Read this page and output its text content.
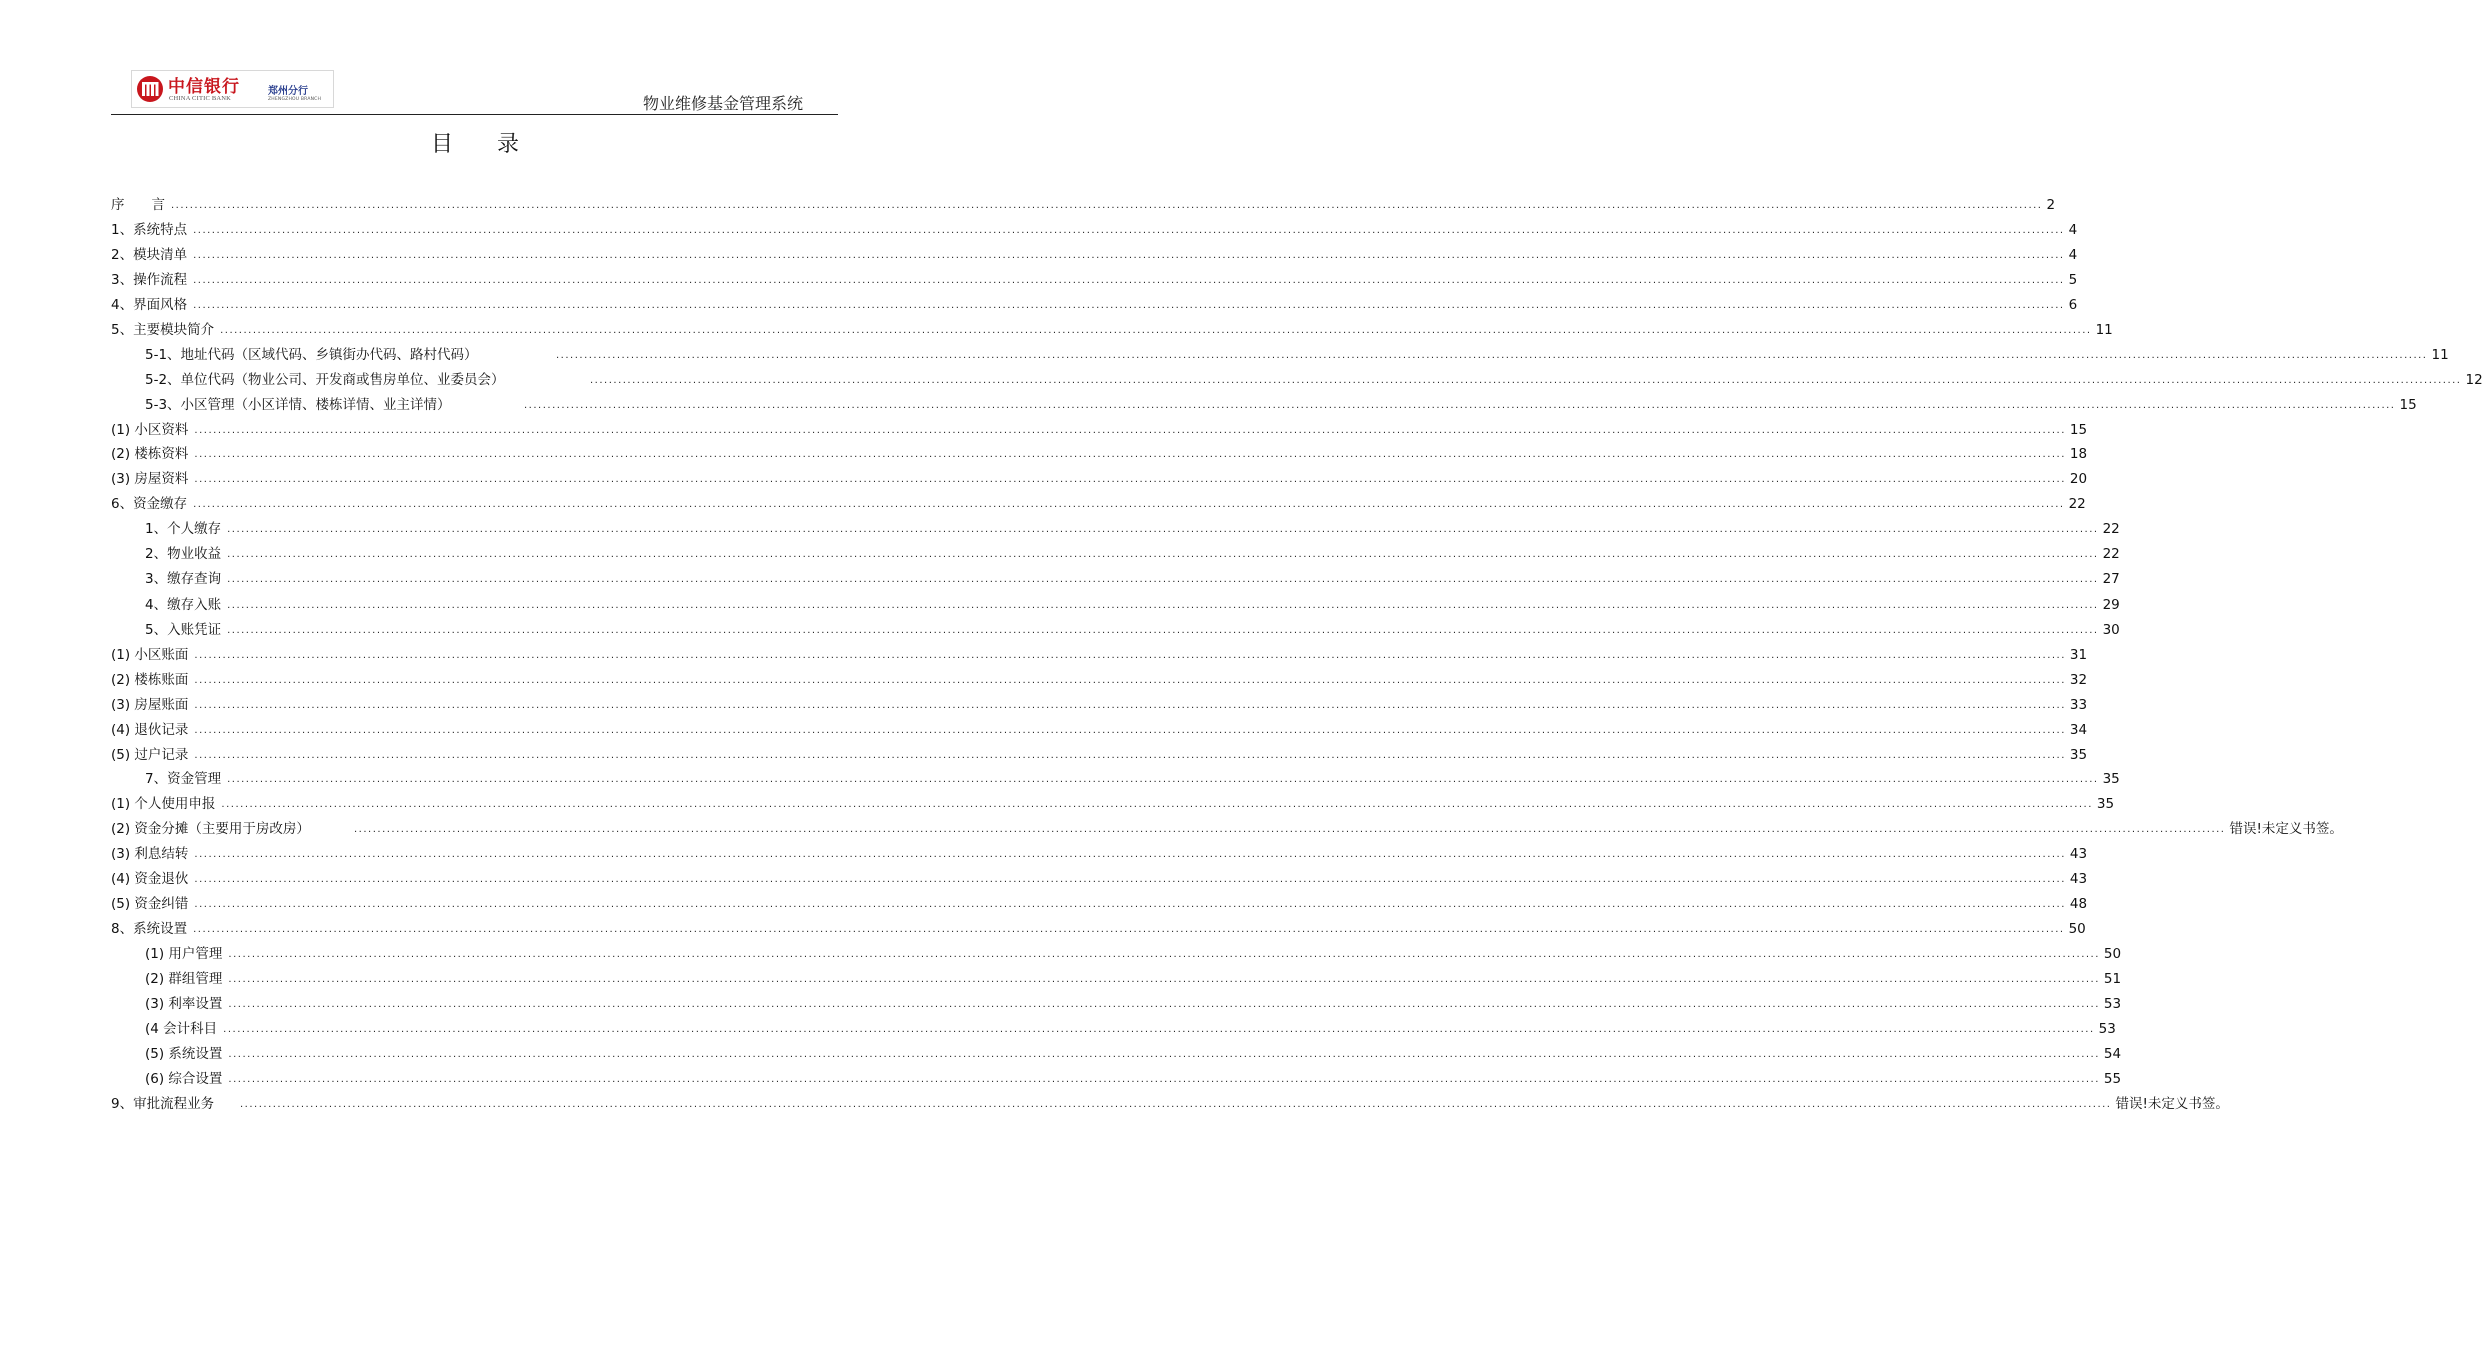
中信银行
CHINA CITIC BANK
郑州分行
ZHENGZHOU BRANCH	物业维修基金管理系统
目录
序　　言 ................................................................................................................................................................................................................................................................................................................................................................................................................ 2
1、系统特点 ................................................................................................................................................................................................................................................................................................................................................................................................................ 4
2、模块清单 ................................................................................................................................................................................................................................................................................................................................................................................................................ 4
3、操作流程 ................................................................................................................................................................................................................................................................................................................................................................................................................ 5
4、界面风格 ................................................................................................................................................................................................................................................................................................................................................................................................................ 6
5、主要模块简介 ................................................................................................................................................................................................................................................................................................................................................................................................................ 11
5-1、地址代码（区域代码、乡镇街办代码、路村代码）	................................................................................................................................................................................................................................................................................................................................................................................................................ 11
5-2、单位代码（物业公司、开发商或售房单位、业委员会）	................................................................................................................................................................................................................................................................................................................................................................................................................ 12
5-3、小区管理（小区详情、楼栋详情、业主详情）	................................................................................................................................................................................................................................................................................................................................................................................................................ 15
(1) 小区资料 ................................................................................................................................................................................................................................................................................................................................................................................................................ 15
(2) 楼栋资料 ................................................................................................................................................................................................................................................................................................................................................................................................................ 18
(3) 房屋资料 ................................................................................................................................................................................................................................................................................................................................................................................................................ 20
6、资金缴存 ................................................................................................................................................................................................................................................................................................................................................................................................................ 22
1、个人缴存 ................................................................................................................................................................................................................................................................................................................................................................................................................ 22
2、物业收益 ................................................................................................................................................................................................................................................................................................................................................................................................................ 22
3、缴存查询 ................................................................................................................................................................................................................................................................................................................................................................................................................ 27
4、缴存入账 ................................................................................................................................................................................................................................................................................................................................................................................................................ 29
5、入账凭证 ................................................................................................................................................................................................................................................................................................................................................................................................................ 30
(1) 小区账面 ................................................................................................................................................................................................................................................................................................................................................................................................................ 31
(2) 楼栋账面 ................................................................................................................................................................................................................................................................................................................................................................................................................ 32
(3) 房屋账面 ................................................................................................................................................................................................................................................................................................................................................................................................................ 33
(4) 退伙记录 ................................................................................................................................................................................................................................................................................................................................................................................................................ 34
(5) 过户记录 ................................................................................................................................................................................................................................................................................................................................................................................................................ 35
7、资金管理 ................................................................................................................................................................................................................................................................................................................................................................................................................ 35
(1) 个人使用申报 ................................................................................................................................................................................................................................................................................................................................................................................................................ 35
(2) 资金分摊（主要用于房改房）	................................................................................................................................................................................................................................................................................................................................................................................................................ 错误!未定义书签。
(3) 利息结转 ................................................................................................................................................................................................................................................................................................................................................................................................................ 43
(4) 资金退伙 ................................................................................................................................................................................................................................................................................................................................................................................................................ 43
(5) 资金纠错 ................................................................................................................................................................................................................................................................................................................................................................................................................ 48
8、系统设置 ................................................................................................................................................................................................................................................................................................................................................................................................................ 50
(1) 用户管理 ................................................................................................................................................................................................................................................................................................................................................................................................................ 50
(2) 群组管理 ................................................................................................................................................................................................................................................................................................................................................................................................................ 51
(3) 利率设置 ................................................................................................................................................................................................................................................................................................................................................................................................................ 53
(4 会计科目 ................................................................................................................................................................................................................................................................................................................................................................................................................ 53
(5) 系统设置 ................................................................................................................................................................................................................................................................................................................................................................................................................ 54
(6) 综合设置 ................................................................................................................................................................................................................................................................................................................................................................................................................ 55
9、审批流程业务	................................................................................................................................................................................................................................................................................................................................................................................................................ 错误!未定义书签。
